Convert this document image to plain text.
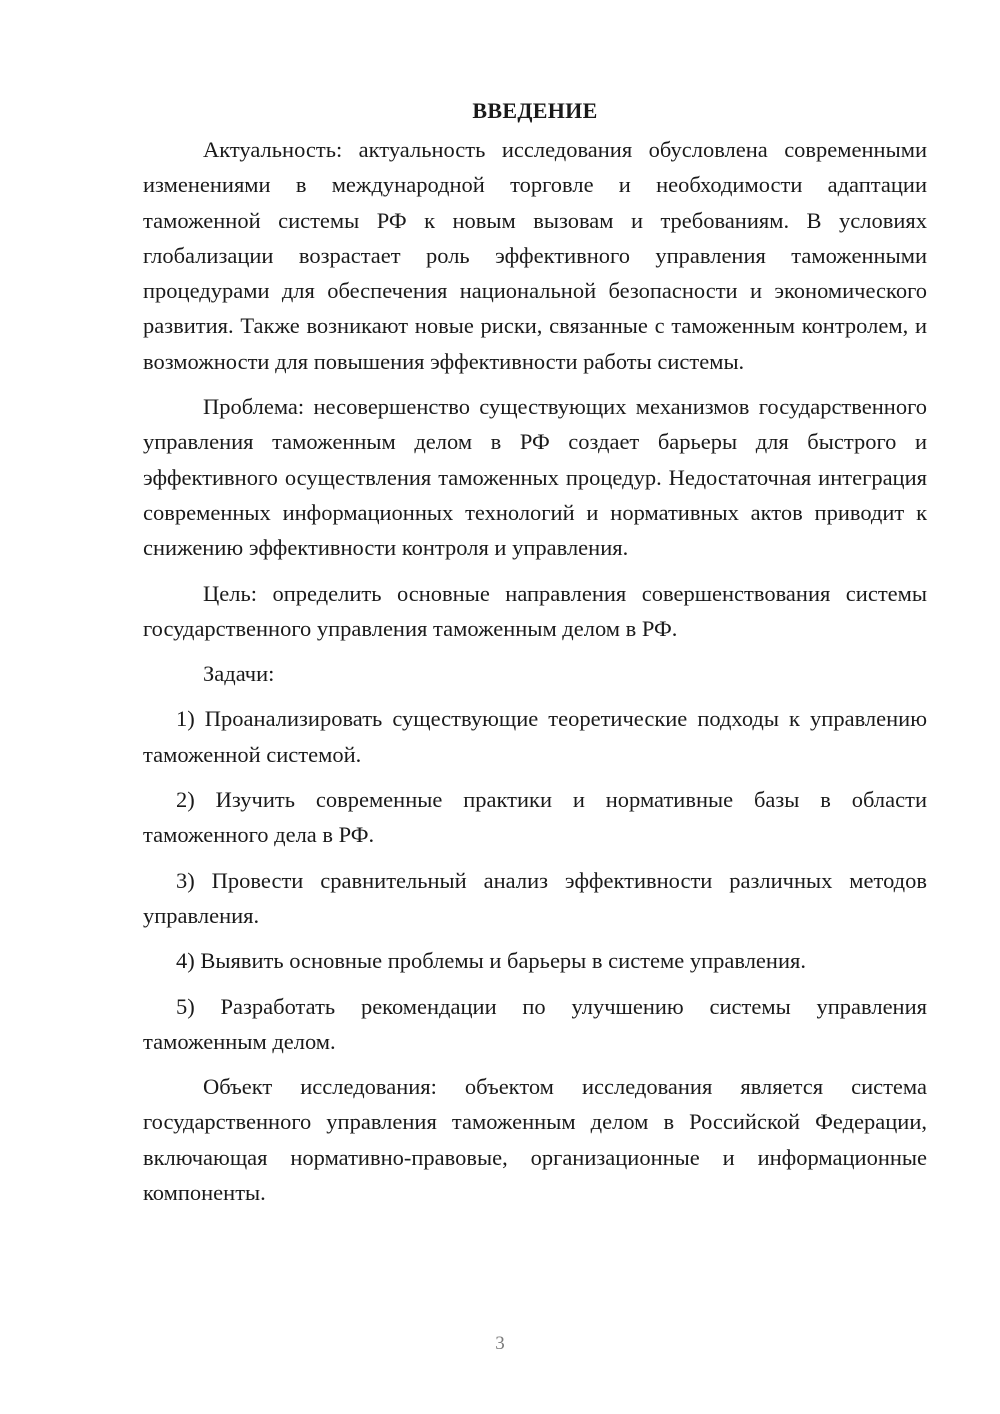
ВВЕДЕНИЕ

Актуальность: актуальность исследования обусловлена современными изменениями в международной торговле и необходимости адаптации таможенной системы РФ к новым вызовам и требованиям. В условиях глобализации возрастает роль эффективного управления таможенными процедурами для обеспечения национальной безопасности и экономического развития. Также возникают новые риски, связанные с таможенным контролем, и возможности для повышения эффективности работы системы.

Проблема: несовершенство существующих механизмов государственного управления таможенным делом в РФ создает барьеры для быстрого и эффективного осуществления таможенных процедур. Недостаточная интеграция современных информационных технологий и нормативных актов приводит к снижению эффективности контроля и управления.

Цель: определить основные направления совершенствования системы государственного управления таможенным делом в РФ.

Задачи:

1) Проанализировать существующие теоретические подходы к управлению таможенной системой.

2) Изучить современные практики и нормативные базы в области таможенного дела в РФ.

3) Провести сравнительный анализ эффективности различных методов управления.

4) Выявить основные проблемы и барьеры в системе управления.

5) Разработать рекомендации по улучшению системы управления таможенным делом.

Объект исследования: объектом исследования является система государственного управления таможенным делом в Российской Федерации, включающая нормативно-правовые, организационные и информационные компоненты.

3
